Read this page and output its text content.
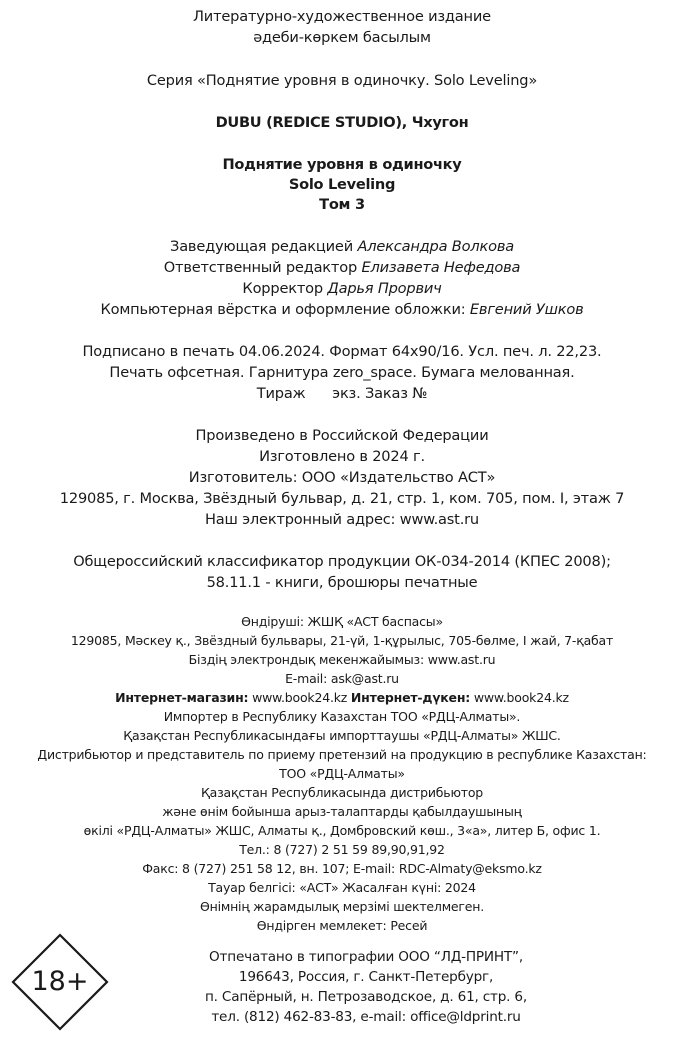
Литературно-художественное издание
әдеби-көркем басылым
Серия «Поднятие уровня в одиночку. Solo Leveling»
DUBU (REDICE STUDIO), Чхугон
Поднятие уровня в одиночку
Solo Leveling
Том 3
Заведующая редакцией Александра Волкова
Ответственный редактор Елизавета Нефедова
Корректор Дарья Прорвич
Компьютерная вёрстка и оформление обложки: Евгений Ушков
Подписано в печать 04.06.2024. Формат 64х90/16. Усл. печ. л. 22,23.
Печать офсетная. Гарнитура zero_space. Бумага мелованная.
Тираж      экз. Заказ №
Произведено в Российской Федерации
Изготовлено в 2024 г.
Изготовитель: ООО «Издательство АСТ»
129085, г. Москва, Звёздный бульвар, д. 21, стр. 1, ком. 705, пом. I, этаж 7
Наш электронный адрес: www.ast.ru
Общероссийский классификатор продукции ОК-034-2014 (КПЕС 2008);
58.11.1 - книги, брошюры печатные
Өндіруші: ЖШҚ «АСТ баспасы»
129085, Мәскеу қ., Звёздный бульвары, 21-үй, 1-құрылыс, 705-бөлме, I жай, 7-қабат
Біздің электрондық мекенжайымыз: www.ast.ru
E-mail: ask@ast.ru
Интернет-магазин: www.book24.kz Интернет-дүкен: www.book24.kz
Импортер в Республику Казахстан ТОО «РДЦ-Алматы».
Қазақстан Республикасындағы импорттаушы «РДЦ-Алматы» ЖШС.
Дистрибьютор и представитель по приему претензий на продукцию в республике Казахстан:
ТОО «РДЦ-Алматы»
Қазақстан Республикасында дистрибьютор
және өнім бойынша арыз-талаптарды қабылдаушының
өкілі «РДЦ-Алматы» ЖШС, Алматы қ., Домбровский көш., 3«а», литер Б, офис 1.
Тел.: 8 (727) 2 51 59 89,90,91,92
Факс: 8 (727) 251 58 12, вн. 107; E-mail: RDC-Almaty@eksmo.kz
Тауар белгісі: «АСТ» Жасалған күні: 2024
Өнімнің жарамдылық мерзімі шектелмеген.
Өндірген мемлекет: Ресей
Отпечатано в типографии ООО “ЛД-ПРИНТ”,
196643, Россия, г. Санкт-Петербург,
п. Сапёрный, н. Петрозаводское, д. 61, стр. 6,
тел. (812) 462-83-83, e-mail: office@ldprint.ru
18+
